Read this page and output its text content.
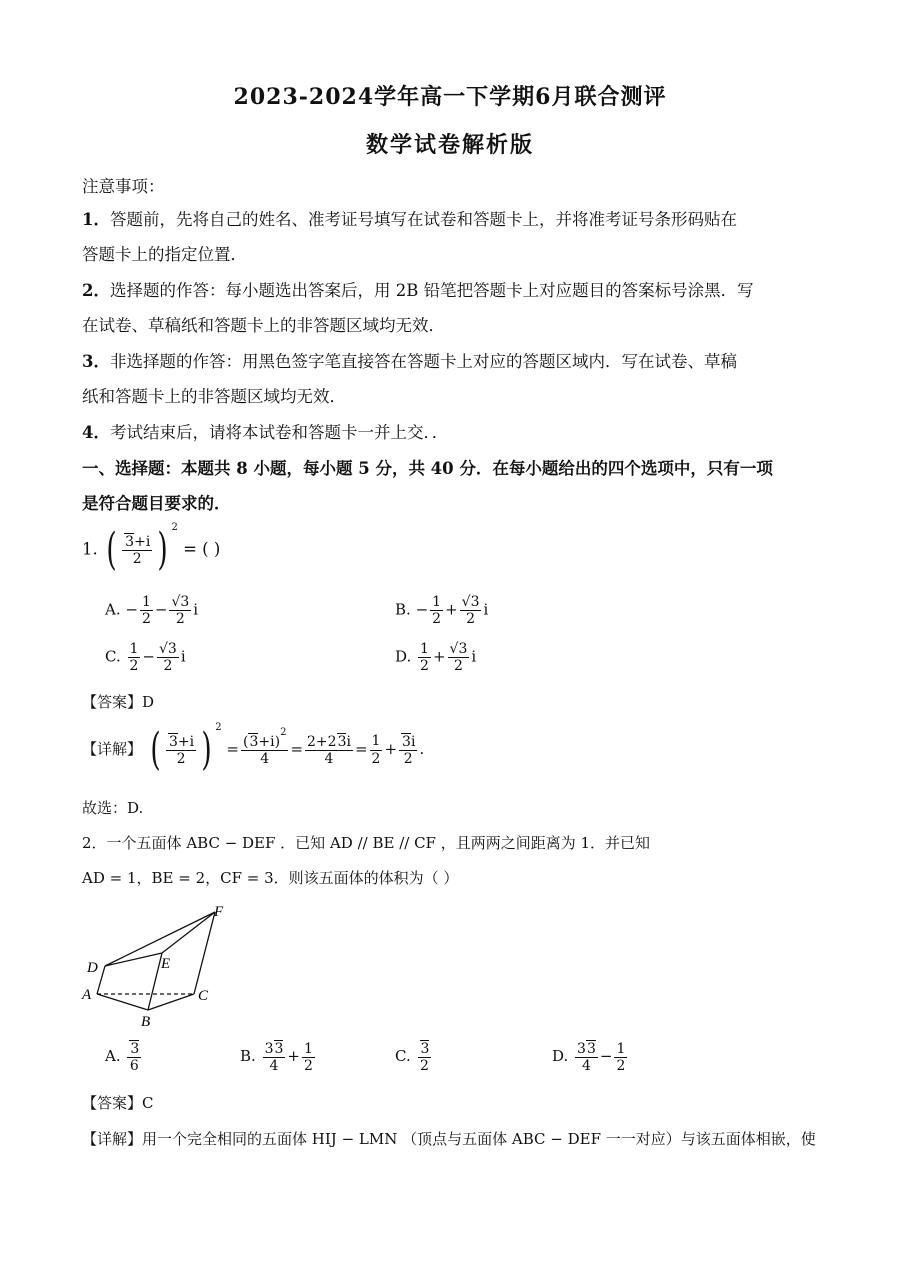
2023-2024学年高一下学期6月联合测评
数学试卷解析版
注意事项：
1．答题前，先将自己的姓名、准考证号填写在试卷和答题卡上，并将准考证号条形码贴在
答题卡上的指定位置．
2．选择题的作答：每小题选出答案后，用 2B 铅笔把答题卡上对应题目的答案标号涂黑．写
在试卷、草稿纸和答题卡上的非答题区域均无效．
3．非选择题的作答：用黑色签字笔直接答在答题卡上对应的答题区域内．写在试卷、草稿
纸和答题卡上的非答题区域均无效．
4．考试结束后，请将本试卷和答题卡一并上交．．
一、选择题：本题共 8 小题，每小题 5 分，共 40 分．在每小题给出的四个选项中，只有一项
是符合题目要求的．
1. ( $\frac{3+i}{2}$ ) $^2$ = ( )
A. − $\frac{1}{2} - \frac{√3}{2}$ i	B. − $\frac{1}{2} + \frac{√3}{2}$ i
C. $\frac{1}{2} - \frac{√3}{2}$ i	D. $\frac{1}{2} + \frac{√3}{2}$ i
【答案】D
【详解】 ( $\frac{3+i}{2}$ ) $^2 = \frac{(3+i)^2}{4} = \frac{2+23i}{4} = \frac{1}{2} + \frac{3i}{2}$ .
故选：D.
2．一个五面体 ABC − DEF ．已知 AD // BE // CF ，且两两之间距离为 1．并已知
AD = 1，BE = 2，CF = 3．则该五面体的体积为（ ）
F
E
D
A	C
B
A. $\frac{3}{6}$	B. $\frac{33}{4} + \frac{1}{2}$	C. $\frac{3}{2}$	D. $\frac{33}{4} - \frac{1}{2}$
【答案】C
【详解】用一个完全相同的五面体 HIJ − LMN （顶点与五面体 ABC − DEF 一一对应）与该五面体相嵌，使
